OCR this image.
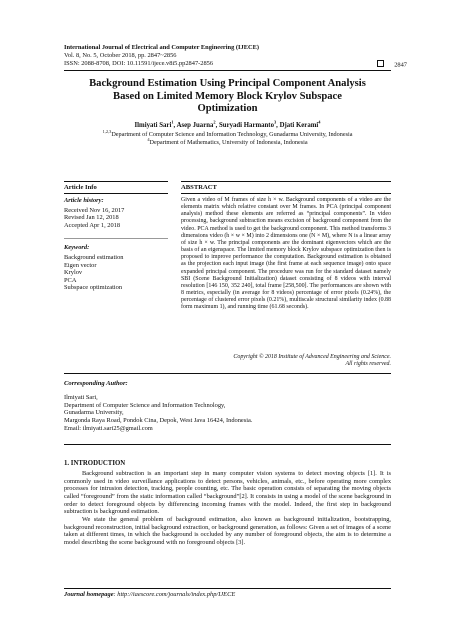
International Journal of Electrical and Computer Engineering (IJECE)
Vol. 8, No. 5, October 2018, pp. 2847~2856
ISSN: 2088-8708, DOI: 10.11591/ijece.v8i5.pp2847-2856	2847
Background Estimation Using Principal Component Analysis
Based on Limited Memory Block Krylov Subspace
Optimization
Ilmiyati Sari$^1$, Asep Juarna$^2$, Suryadi Harmanto$^3$, Djati Kerami$^4$
$^{1,2,3}$Department of Computer Science and Information Technology, Gunadarma University, Indonesia
$^4$Department of Mathematics, University of Indonesia, Indonesia
Article Info	ABSTRACT
Article history:
Received Nov 16, 2017
Revised Jan 12, 2018
Accepted Apr 1, 2018
Keyword:
Background estimation
Eigen vector
Krylov
PCA
Subspace optimization
Given a video of M frames of size h × w. Background components of a video are the elements matrix which relative constant over M frames. In PCA (principal component analysis) method these elements are referred as “principal components”. In video processing, background subtraction means excision of background component from the video. PCA method is used to get the background component. This method transforms 3 dimensions video (h × w × M) into 2 dimensions one (N × M), where N is a linear array of size h × w. The principal components are the dominant eigenvectors which are the basis of an eigenspace. The limited memory block Krylov subspace optimization then is proposed to improve performance the computation. Background estimation is obtained as the projection each input image (the first frame at each sequence image) onto space expanded principal component. The procedure was run for the standard dataset namely SBI (Scene Background Initialization) dataset consisting of 8 videos with interval resolution [146 150, 352 240], total frame [258,500]. The performances are shown with 8 metrics, especially (in average for 8 videos) percentage of error pixels (0.24%), the percentage of clustered error pixels (0.21%), multiscale structural similarity index (0.88 form maximum 1), and running time (61.68 seconds).
Copyright © 2018 Institute of Advanced Engineering and Science.
All rights reserved.
Corresponding Author:
Ilmiyati Sari,
Department of Computer Science and Information Technology,
Gunadarma University,
Margonda Raya Road, Pondok Cina, Depok, West Java 16424, Indonesia.
Email: ilmiyati.sari25@gmail.com
1. INTRODUCTION

Background subtraction is an important step in many computer vision systems to detect moving objects [1]. It is commonly used in video surveillance applications to detect persons, vehicles, animals, etc., before operating more complex processes for intrusion detection, tracking, people counting, etc. The basic operation consists of separating the moving objects called “foreground” from the static information called “background”[2]. It consists in using a model of the scene background in order to detect foreground objects by differencing incoming frames with the model. Indeed, the first step in background subtraction is background estimation.

We state the general problem of background estimation, also known as background initialization, bootstrapping, background reconstruction, initial background extraction, or background generation, as follows: Given a set of images of a scene taken at different times, in which the background is occluded by any number of foreground objects, the aim is to determine a model describing the scene background with no foreground objects [3].

Journal homepage: http://iaescore.com/journals/index.php/IJECE
